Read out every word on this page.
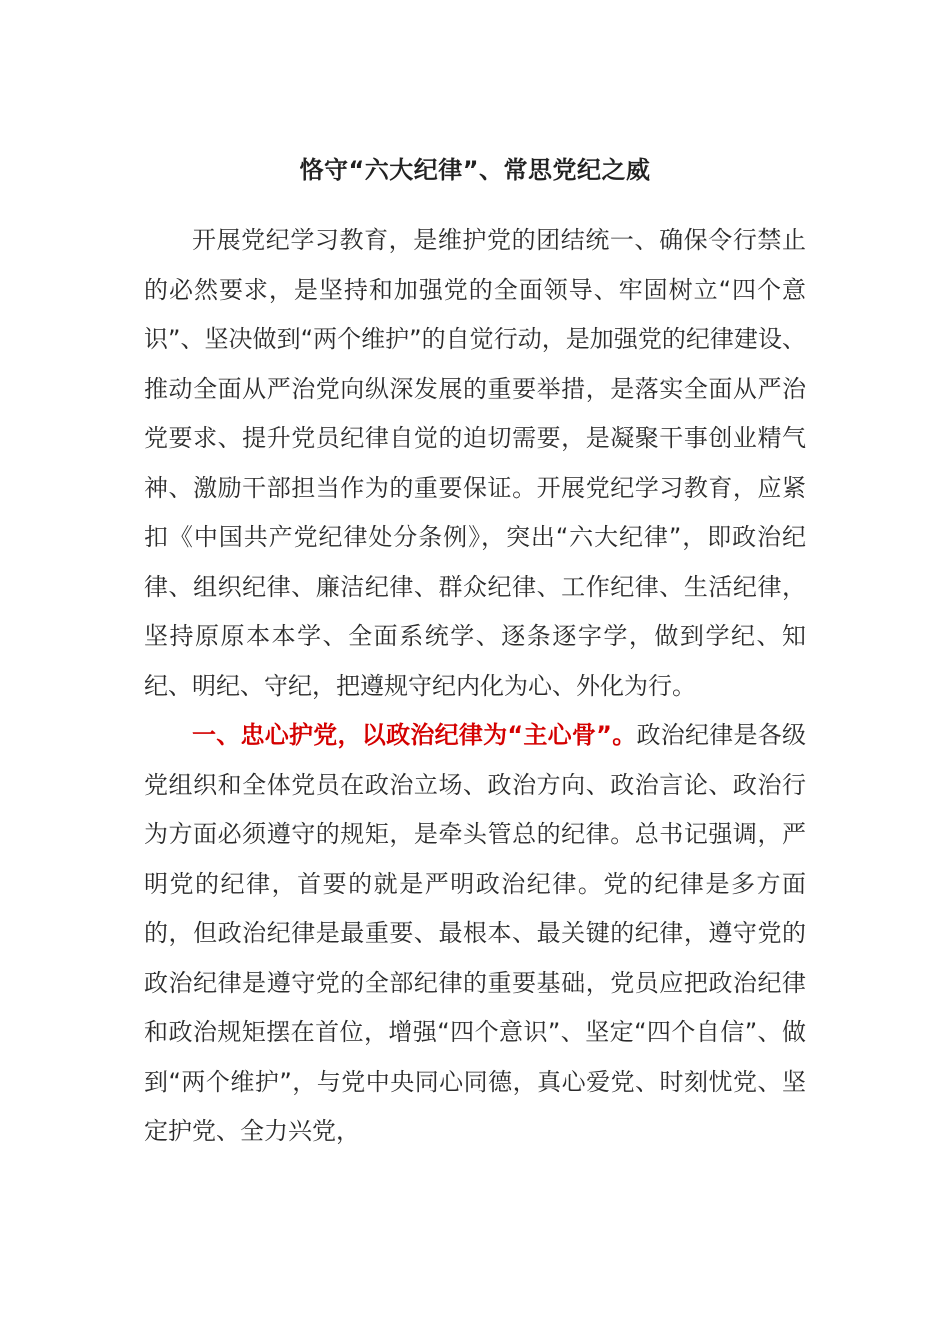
恪守“六大纪律”、常思党纪之威

开展党纪学习教育，是维护党的团结统一、确保令行禁止的必然要求，是坚持和加强党的全面领导、牢固树立“四个意识”、坚决做到“两个维护”的自觉行动，是加强党的纪律建设、推动全面从严治党向纵深发展的重要举措，是落实全面从严治党要求、提升党员纪律自觉的迫切需要，是凝聚干事创业精气神、激励干部担当作为的重要保证。开展党纪学习教育，应紧扣《中国共产党纪律处分条例》，突出“六大纪律”，即政治纪律、组织纪律、廉洁纪律、群众纪律、工作纪律、生活纪律，坚持原原本本学、全面系统学、逐条逐字学，做到学纪、知纪、明纪、守纪，把遵规守纪内化为心、外化为行。

一、忠心护党，以政治纪律为“主心骨”。政治纪律是各级党组织和全体党员在政治立场、政治方向、政治言论、政治行为方面必须遵守的规矩，是牵头管总的纪律。总书记强调，严明党的纪律，首要的就是严明政治纪律。党的纪律是多方面的，但政治纪律是最重要、最根本、最关键的纪律，遵守党的政治纪律是遵守党的全部纪律的重要基础，党员应把政治纪律和政治规矩摆在首位，增强“四个意识”、坚定“四个自信”、做到“两个维护”，与党中央同心同德，真心爱党、时刻忧党、坚定护党、全力兴党，
